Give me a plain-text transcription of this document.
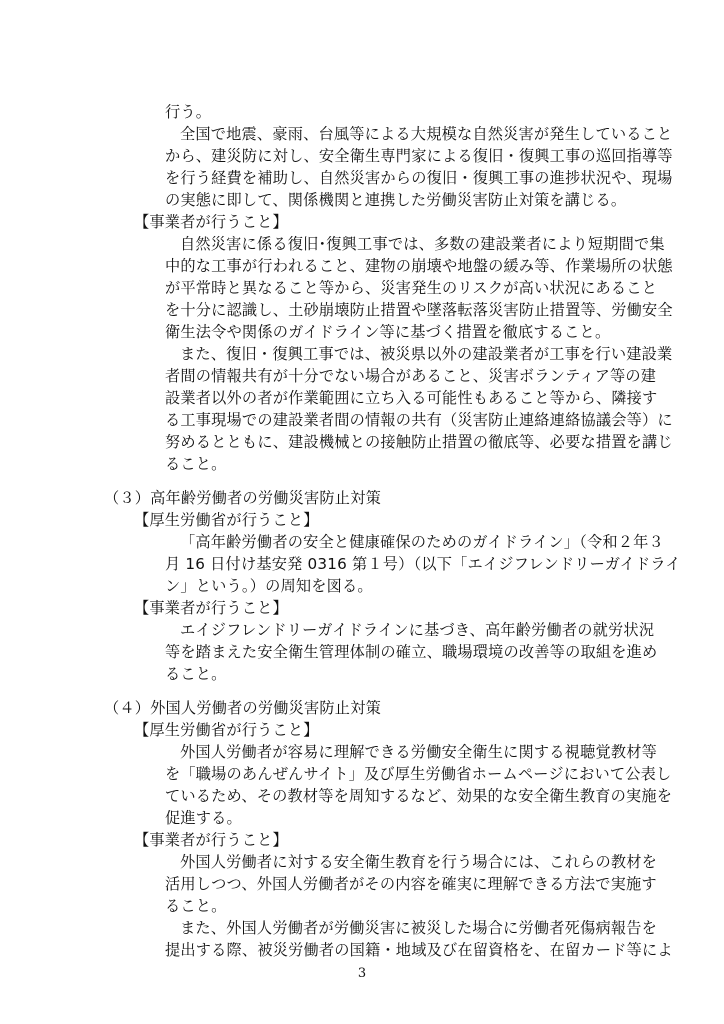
行う。
全国で地震、豪雨、台風等による大規模な自然災害が発生していること
から、建災防に対し、安全衛生専門家による復旧・復興工事の巡回指導等
を行う経費を補助し、自然災害からの復旧・復興工事の進捗状況や、現場
の実態に即して、関係機関と連携した労働災害防止対策を講じる。
【事業者が行うこと】
自然災害に係る復旧･復興工事では、多数の建設業者により短期間で集
中的な工事が行われること、建物の崩壊や地盤の緩み等、作業場所の状態
が平常時と異なること等から、災害発生のリスクが高い状況にあること
を十分に認識し、土砂崩壊防止措置や墜落転落災害防止措置等、労働安全
衛生法令や関係のガイドライン等に基づく措置を徹底すること。
また、復旧・復興工事では、被災県以外の建設業者が工事を行い建設業
者間の情報共有が十分でない場合があること、災害ボランティア等の建
設業者以外の者が作業範囲に立ち入る可能性もあること等から、隣接す
る工事現場での建設業者間の情報の共有（災害防止連絡連絡協議会等）に
努めるとともに、建設機械との接触防止措置の徹底等、必要な措置を講じ
ること。
（３）高年齢労働者の労働災害防止対策
【厚生労働省が行うこと】
「高年齢労働者の安全と健康確保のためのガイドライン」（令和２年３
月 16 日付け基安発 0316 第１号）（以下「エイジフレンドリーガイドライ
ン」という。）の周知を図る。
【事業者が行うこと】
エイジフレンドリーガイドラインに基づき、高年齢労働者の就労状況
等を踏まえた安全衛生管理体制の確立、職場環境の改善等の取組を進め
ること。
（４）外国人労働者の労働災害防止対策
【厚生労働省が行うこと】
外国人労働者が容易に理解できる労働安全衛生に関する視聴覚教材等
を「職場のあんぜんサイト」及び厚生労働省ホームページにおいて公表し
ているため、その教材等を周知するなど、効果的な安全衛生教育の実施を
促進する。
【事業者が行うこと】
外国人労働者に対する安全衛生教育を行う場合には、これらの教材を
活用しつつ、外国人労働者がその内容を確実に理解できる方法で実施す
ること。
また、外国人労働者が労働災害に被災した場合に労働者死傷病報告を
提出する際、被災労働者の国籍・地域及び在留資格を、在留カード等によ
3
